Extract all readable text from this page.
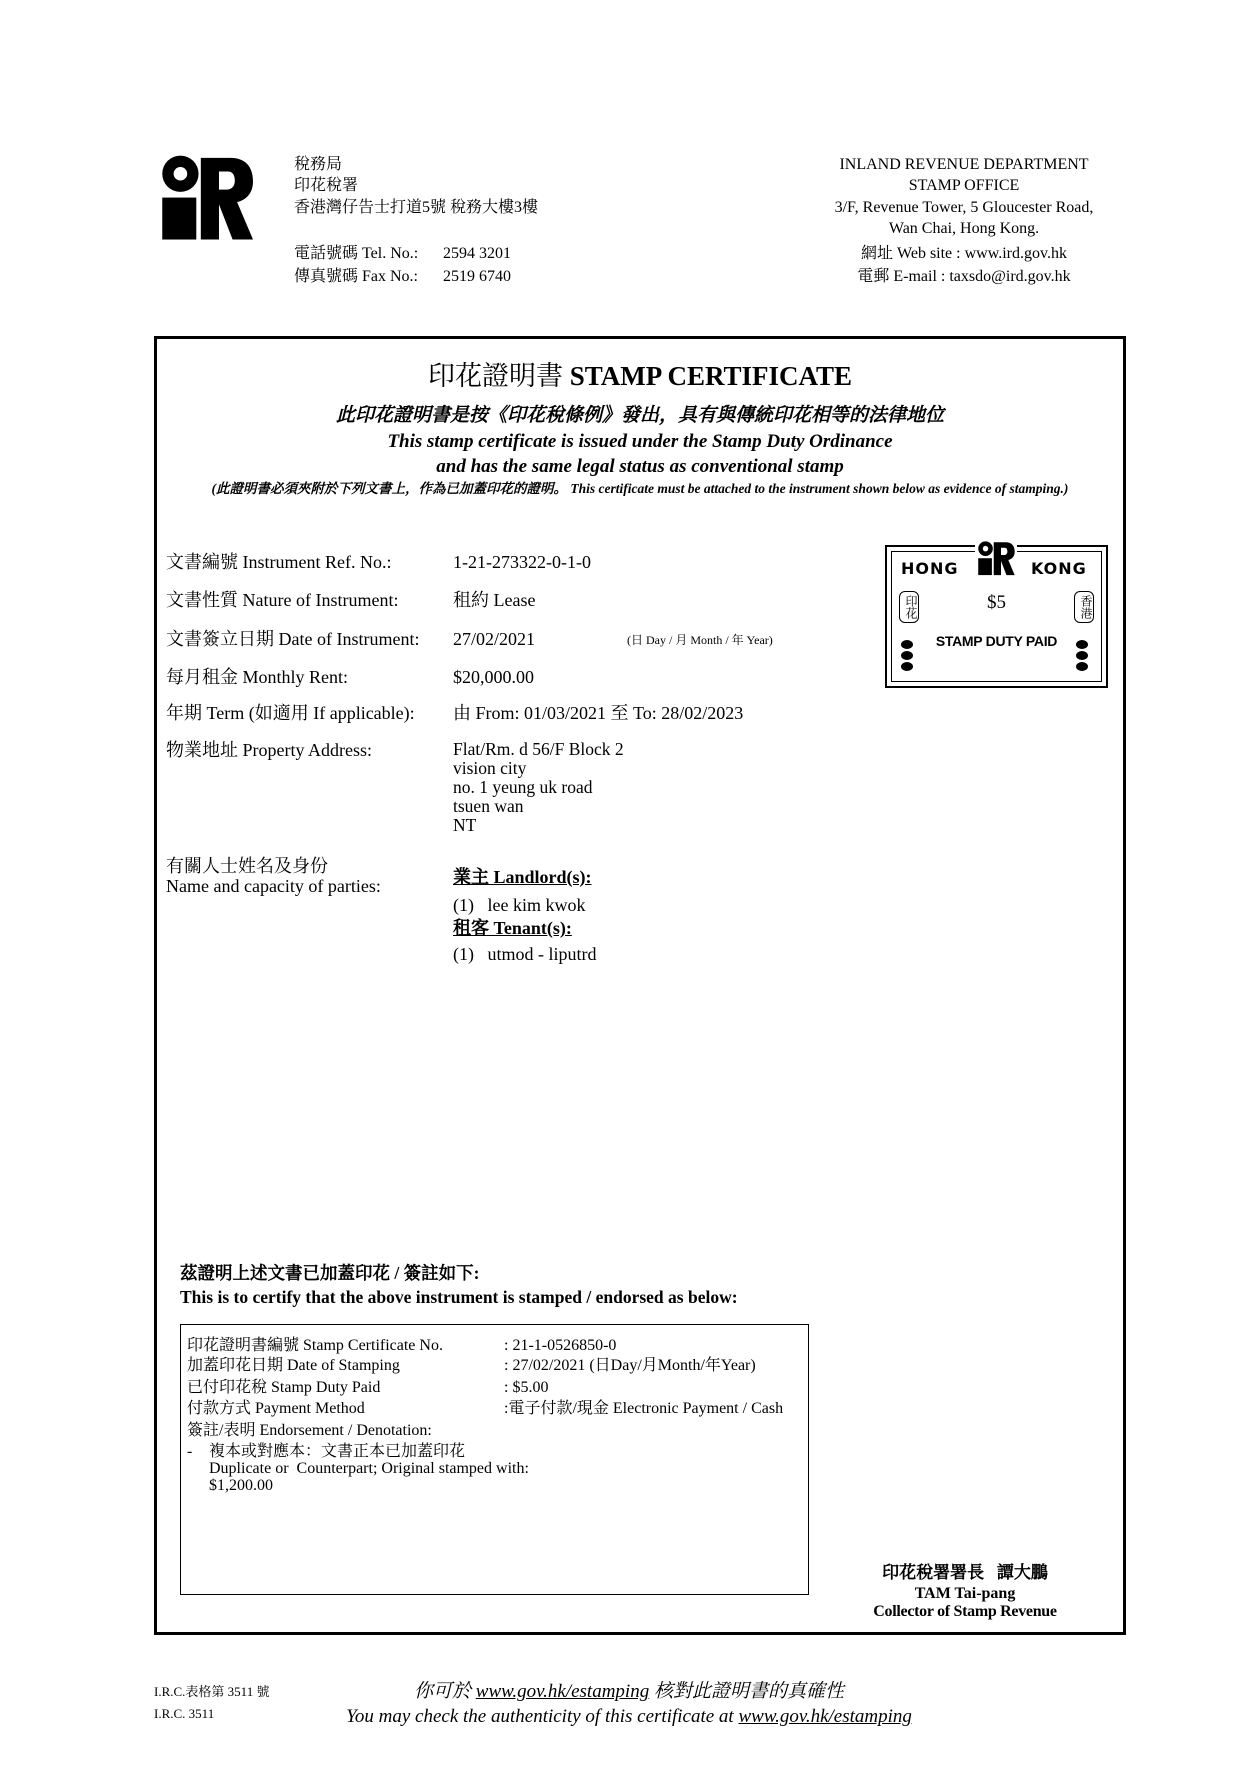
稅務局
印花稅署
香港灣仔告士打道5號 稅務大樓3樓
電話號碼 Tel. No.: 2594 3201
傳真號碼 Fax No.: 2519 6740
INLAND REVENUE DEPARTMENT
STAMP OFFICE
3/F, Revenue Tower, 5 Gloucester Road,
Wan Chai, Hong Kong.
網址 Web site : www.ird.gov.hk
電郵 E-mail : taxsdo@ird.gov.hk
印花證明書 STAMP CERTIFICATE
此印花證明書是按《印花稅條例》發出，具有與傳統印花相等的法律地位
This stamp certificate is issued under the Stamp Duty Ordinance
and has the same legal status as conventional stamp
(此證明書必須夾附於下列文書上，作為已加蓋印花的證明。 This certificate must be attached to the instrument shown below as evidence of stamping.)
文書編號 Instrument Ref. No.:	1-21-273322-0-1-0
文書性質 Nature of Instrument:	租約 Lease
文書簽立日期 Date of Instrument: 27/02/2021	(日 Day / 月 Month / 年 Year)
每月租金 Monthly Rent:	$20,000.00
年期 Term (如適用 If applicable): 由 From: 01/03/2021 至 To: 28/02/2023
物業地址 Property Address:	Flat/Rm. d 56/F Block 2
vision city
no. 1 yeung uk road
tsuen wan
NT
有關人士姓名及身份
Name and capacity of parties:	業主 Landlord(s):
(1)   lee kim kwok
租客 Tenant(s):
(1)   utmod - liputrd
HONG	KONG
印花	香港
$5
STAMP DUTY PAID
茲證明上述文書已加蓋印花 / 簽註如下:
This is to certify that the above instrument is stamped / endorsed as below:
印花證明書編號 Stamp Certificate No.	: 21-1-0526850-0
加蓋印花日期 Date of Stamping	: 27/02/2021 (日Day/月Month/年Year)
已付印花稅 Stamp Duty Paid	: $5.00
付款方式 Payment Method	:電子付款/現金 Electronic Payment / Cash
簽註/表明 Endorsement / Denotation:
- 複本或對應本：文書正本已加蓋印花
Duplicate or  Counterpart; Original stamped with:
$1,200.00
印花稅署署長   譚大鵬
TAM Tai-pang
Collector of Stamp Revenue
I.R.C.表格第 3511 號
I.R.C. 3511
你可於 www.gov.hk/estamping 核對此證明書的真確性
You may check the authenticity of this certificate at www.gov.hk/estamping
